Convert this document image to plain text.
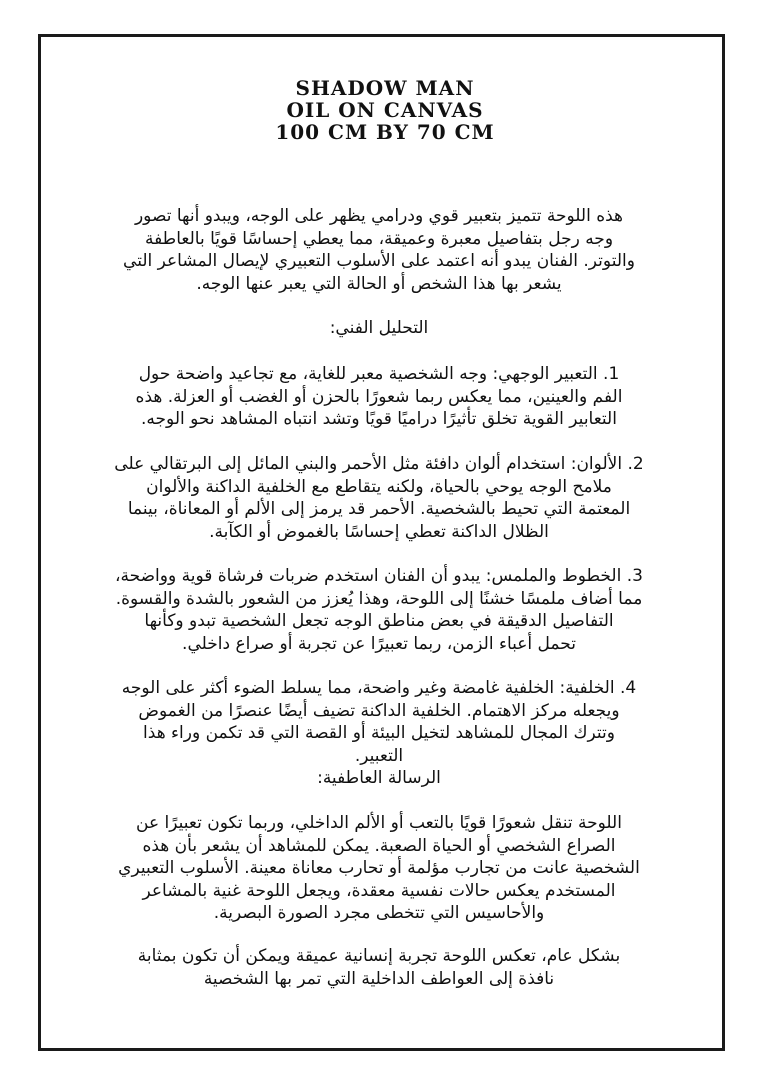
SHADOW MAN
OIL ON CANVAS
100 CM BY 70 CM
هذه اللوحة تتميز بتعبير قوي ودرامي يظهر على الوجه، ويبدو أنها تصور
وجه رجل بتفاصيل معبرة وعميقة، مما يعطي إحساسًا قويًا بالعاطفة
والتوتر. الفنان يبدو أنه اعتمد على الأسلوب التعبيري لإيصال المشاعر التي
يشعر بها هذا الشخص أو الحالة التي يعبر عنها الوجه.
التحليل الفني:
1. التعبير الوجهي: وجه الشخصية معبر للغاية، مع تجاعيد واضحة حول
الفم والعينين، مما يعكس ربما شعورًا بالحزن أو الغضب أو العزلة. هذه
التعابير القوية تخلق تأثيرًا دراميًا قويًا وتشد انتباه المشاهد نحو الوجه.
2. الألوان: استخدام ألوان دافئة مثل الأحمر والبني المائل إلى البرتقالي على
ملامح الوجه يوحي بالحياة، ولكنه يتقاطع مع الخلفية الداكنة والألوان
المعتمة التي تحيط بالشخصية. الأحمر قد يرمز إلى الألم أو المعاناة، بينما
الظلال الداكنة تعطي إحساسًا بالغموض أو الكآبة.
3. الخطوط والملمس: يبدو أن الفنان استخدم ضربات فرشاة قوية وواضحة،
مما أضاف ملمسًا خشنًا إلى اللوحة، وهذا يُعزز من الشعور بالشدة والقسوة.
التفاصيل الدقيقة في بعض مناطق الوجه تجعل الشخصية تبدو وكأنها
تحمل أعباء الزمن، ربما تعبيرًا عن تجربة أو صراع داخلي.
4. الخلفية: الخلفية غامضة وغير واضحة، مما يسلط الضوء أكثر على الوجه
ويجعله مركز الاهتمام. الخلفية الداكنة تضيف أيضًا عنصرًا من الغموض
وتترك المجال للمشاهد لتخيل البيئة أو القصة التي قد تكمن وراء هذا
التعبير.
الرسالة العاطفية:
اللوحة تنقل شعورًا قويًا بالتعب أو الألم الداخلي، وربما تكون تعبيرًا عن
الصراع الشخصي أو الحياة الصعبة. يمكن للمشاهد أن يشعر بأن هذه
الشخصية عانت من تجارب مؤلمة أو تحارب معاناة معينة. الأسلوب التعبيري
المستخدم يعكس حالات نفسية معقدة، ويجعل اللوحة غنية بالمشاعر
والأحاسيس التي تتخطى مجرد الصورة البصرية.
بشكل عام، تعكس اللوحة تجربة إنسانية عميقة ويمكن أن تكون بمثابة
نافذة إلى العواطف الداخلية التي تمر بها الشخصية
